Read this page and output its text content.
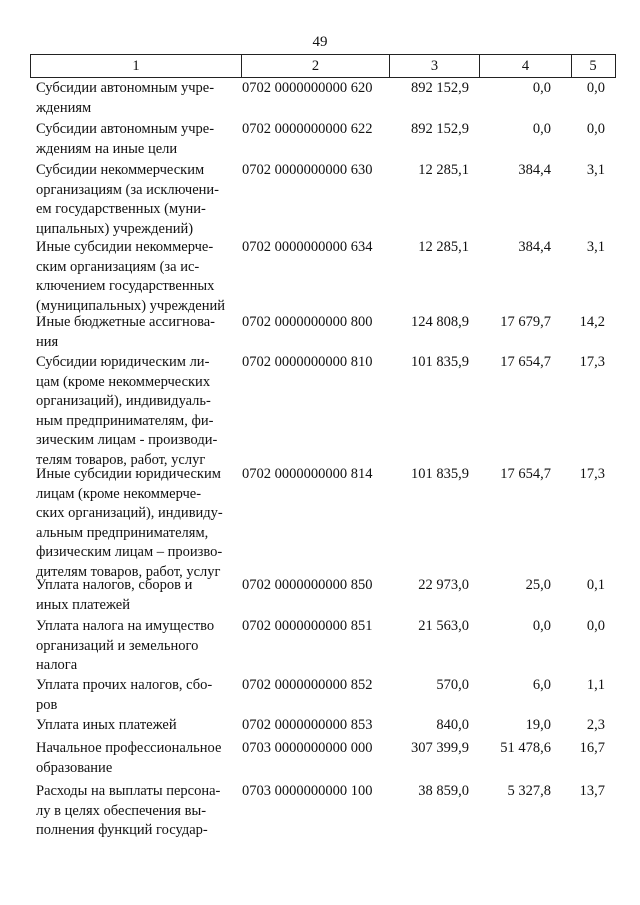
49
1	2	3	4	5
Субсидии автономным учре-
ждениям
0702 0000000000 620	892 152,9	0,0	0,0
Субсидии автономным учре-
ждениям на иные цели
0702 0000000000 622	892 152,9	0,0	0,0
Субсидии некоммерческим
организациям (за исключени-
ем государственных (муни-
ципальных) учреждений)
0702 0000000000 630	12 285,1	384,4	3,1
Иные субсидии некоммерче-
ским организациям (за ис-
ключением государственных
(муниципальных) учреждений
0702 0000000000 634	12 285,1	384,4	3,1
Иные бюджетные ассигнова-
ния
0702 0000000000 800	124 808,9	17 679,7	14,2
Субсидии юридическим ли-
цам (кроме некоммерческих
организаций), индивидуаль-
ным предпринимателям, фи-
зическим лицам - производи-
телям товаров, работ, услуг
0702 0000000000 810	101 835,9	17 654,7	17,3
Иные субсидии юридическим
лицам (кроме некоммерче-
ских организаций), индивиду-
альным предпринимателям,
физическим лицам – произво-
дителям товаров, работ, услуг
0702 0000000000 814	101 835,9	17 654,7	17,3
Уплата налогов, сборов и
иных платежей
0702 0000000000 850	22 973,0	25,0	0,1
Уплата налога на имущество
организаций и земельного
налога
0702 0000000000 851	21 563,0	0,0	0,0
Уплата прочих налогов, сбо-
ров
0702 0000000000 852	570,0	6,0	1,1
Уплата иных платежей	0702 0000000000 853	840,0	19,0	2,3
Начальное профессиональное
образование
0703 0000000000 000	307 399,9	51 478,6	16,7
Расходы на выплаты персона-
лу в целях обеспечения вы-
полнения функций государ-
0703 0000000000 100	38 859,0	5 327,8	13,7
